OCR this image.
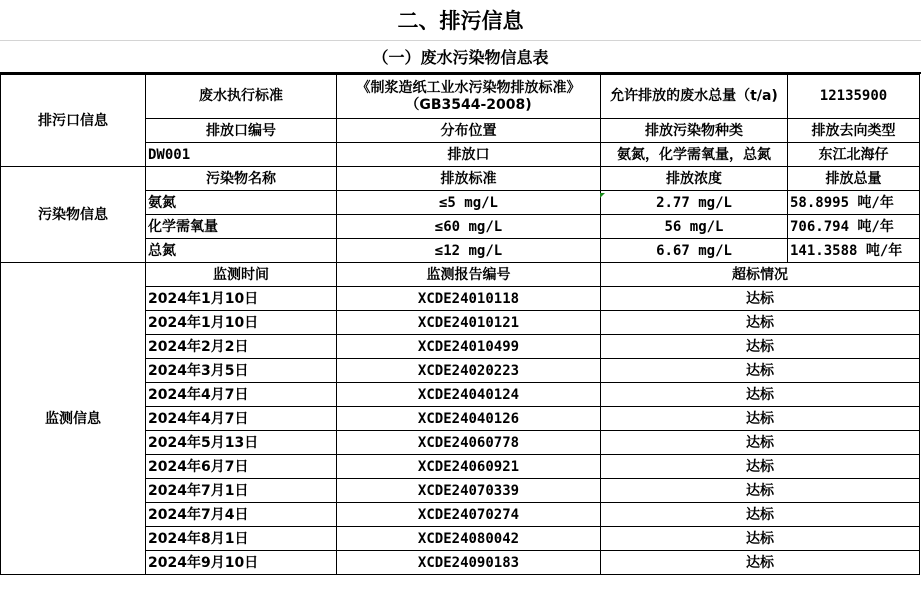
二、排污信息
（一）废水污染物信息表
排污口信息	废水执行标准	《制浆造纸工业水污染物排放标准》（GB3544-2008)	允许排放的废水总量（t/a)	12135900
	排放口编号	分布位置	排放污染物种类	排放去向类型
	DW001	排放口	氨氮，化学需氧量，总氮	东江北海仔
污染物信息	污染物名称	排放标准	排放浓度	排放总量
	氨氮	≤5 mg/L	2.77 mg/L	58.8995 吨/年
	化学需氧量	≤60 mg/L	56 mg/L	706.794 吨/年
	总氮	≤12 mg/L	6.67 mg/L	141.3588 吨/年
监测信息	监测时间	监测报告编号	超标情况	
	2024年1月10日	XCDE24010118	达标	
	2024年1月10日	XCDE24010121	达标	
	2024年2月2日	XCDE24010499	达标	
	2024年3月5日	XCDE24020223	达标	
	2024年4月7日	XCDE24040124	达标	
	2024年4月7日	XCDE24040126	达标	
	2024年5月13日	XCDE24060778	达标	
	2024年6月7日	XCDE24060921	达标	
	2024年7月1日	XCDE24070339	达标	
	2024年7月4日	XCDE24070274	达标	
	2024年8月1日	XCDE24080042	达标	
	2024年9月10日	XCDE24090183	达标	
